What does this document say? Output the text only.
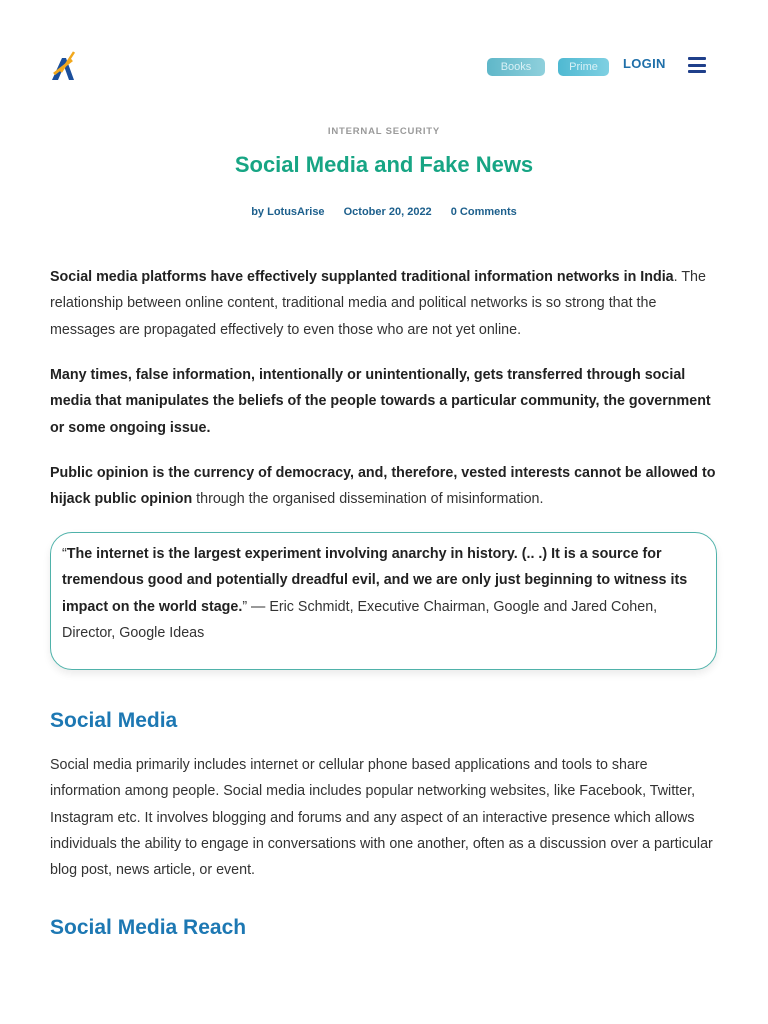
Books	Prime	LOGIN
INTERNAL SECURITY
Social Media and Fake News
by LotusArise October 20, 2022 0 Comments

Social media platforms have effectively supplanted traditional information networks in India. The relationship between online content, traditional media and political networks is so strong that the messages are propagated effectively to even those who are not yet online.

Many times, false information, intentionally or unintentionally, gets transferred through social media that manipulates the beliefs of the people towards a particular community, the government or some ongoing issue.

Public opinion is the currency of democracy, and, therefore, vested interests cannot be allowed to hijack public opinion through the organised dissemination of misinformation.

“The internet is the largest experiment involving anarchy in history. (.. .) It is a source for tremendous good and potentially dreadful evil, and we are only just beginning to witness its impact on the world stage.” — Eric Schmidt, Executive Chairman, Google and Jared Cohen, Director, Google Ideas

Social Media

Social media primarily includes internet or cellular phone based applications and tools to share information among people. Social media includes popular networking websites, like Facebook, Twitter, Instagram etc. It involves blogging and forums and any aspect of an interactive presence which allows individuals the ability to engage in conversations with one another, often as a discussion over a particular blog post, news article, or event.

Social Media Reach
